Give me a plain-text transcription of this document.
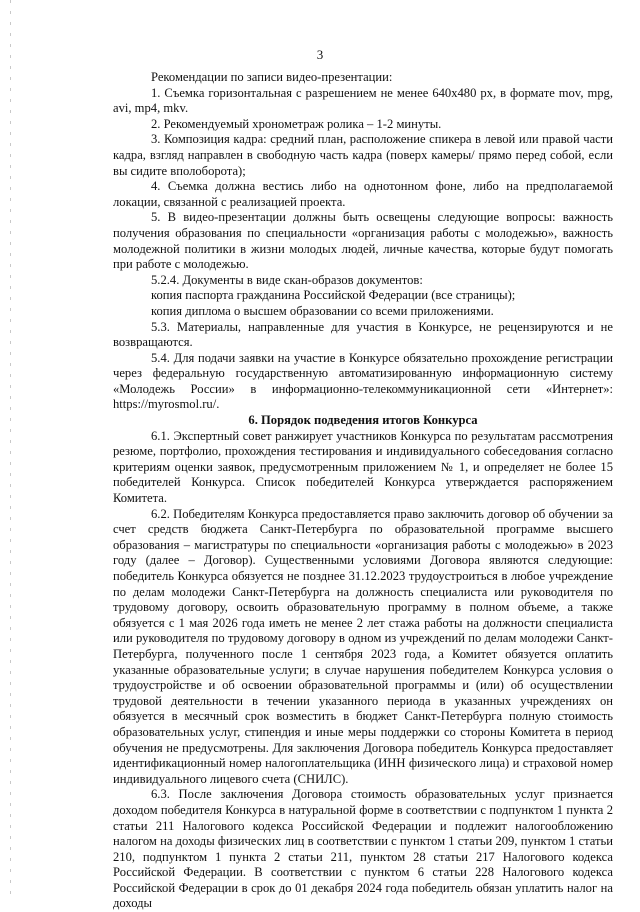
3

Рекомендации по записи видео-презентации:

1. Съемка горизонтальная с разрешением не менее 640х480 px, в формате mov, mpg, avi, mp4, mkv.

2. Рекомендуемый хронометраж ролика – 1-2 минуты.

3. Композиция кадра: средний план, расположение спикера в левой или правой части кадра, взгляд направлен в свободную часть кадра (поверх камеры/ прямо перед собой, если вы сидите вполоборота);

4. Съемка должна вестись либо на однотонном фоне, либо на предполагаемой локации, связанной с реализацией проекта.

5. В видео-презентации должны быть освещены следующие вопросы: важность получения образования по специальности «организация работы с молодежью», важность молодежной политики в жизни молодых людей, личные качества, которые будут помогать при работе с молодежью.

5.2.4. Документы в виде скан-образов документов:

копия паспорта гражданина Российской Федерации (все страницы);

копия диплома о высшем образовании со всеми приложениями.

5.3. Материалы, направленные для участия в Конкурсе, не рецензируются и не возвращаются.

5.4. Для подачи заявки на участие в Конкурсе обязательно прохождение регистрации через федеральную государственную автоматизированную информационную систему «Молодежь России» в информационно-телекоммуникационной сети «Интернет»: https://myrosmol.ru/.

6. Порядок подведения итогов Конкурса

6.1. Экспертный совет ранжирует участников Конкурса по результатам рассмотрения резюме, портфолио, прохождения тестирования и индивидуального собеседования согласно критериям оценки заявок, предусмотренным приложением № 1, и определяет не более 15 победителей Конкурса. Список победителей Конкурса утверждается распоряжением Комитета.

6.2. Победителям Конкурса предоставляется право заключить договор об обучении за счет средств бюджета Санкт-Петербурга по образовательной программе высшего образования – магистратуры по специальности «организация работы с молодежью» в 2023 году (далее – Договор). Существенными условиями Договора являются следующие: победитель Конкурса обязуется не позднее 31.12.2023 трудоустроиться в любое учреждение по делам молодежи Санкт-Петербурга на должность специалиста или руководителя по трудовому договору, освоить образовательную программу в полном объеме, а также обязуется с 1 мая 2026 года иметь не менее 2 лет стажа работы на должности специалиста или руководителя по трудовому договору в одном из учреждений по делам молодежи Санкт-Петербурга, полученного после 1 сентября 2023 года, а Комитет обязуется оплатить указанные образовательные услуги; в случае нарушения победителем Конкурса условия о трудоустройстве и об освоении образовательной программы и (или) об осуществлении трудовой деятельности в течении указанного периода в указанных учреждениях он обязуется в месячный срок возместить в бюджет Санкт-Петербурга полную стоимость образовательных услуг, стипендия и иные меры поддержки со стороны Комитета в период обучения не предусмотрены. Для заключения Договора победитель Конкурса предоставляет идентификационный номер налогоплательщика (ИНН физического лица) и страховой номер индивидуального лицевого счета (СНИЛС).

6.3. После заключения Договора стоимость образовательных услуг признается доходом победителя Конкурса в натуральной форме в соответствии с подпунктом 1 пункта 2 статьи 211 Налогового кодекса Российской Федерации и подлежит налогообложению налогом на доходы физических лиц в соответствии с пунктом 1 статьи 209, пунктом 1 статьи 210, подпунктом 1 пункта 2 статьи 211, пунктом 28 статьи 217 Налогового кодекса Российской Федерации. В соответствии с пунктом 6 статьи 228 Налогового кодекса Российской Федерации в срок до 01 декабря 2024 года победитель обязан уплатить налог на доходы
